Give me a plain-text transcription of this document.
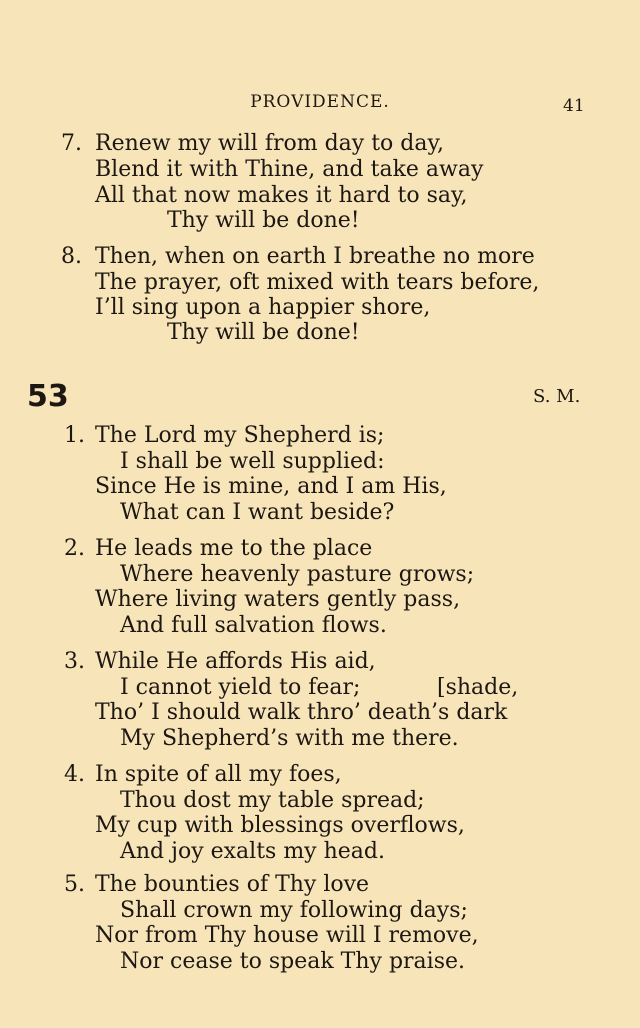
PROVIDENCE.	41
7. Renew my will from day to day,
Blend it with Thine, and take away
All that now makes it hard to say,
Thy will be done!
8. Then, when on earth I breathe no more
The prayer, oft mixed with tears before,
I’ll sing upon a happier shore,
Thy will be done!
53	S. M.
1. The Lord my Shepherd is;
I shall be well supplied:
Since He is mine, and I am His,
What can I want beside?
2. He leads me to the place
Where heavenly pasture grows;
Where living waters gently pass,
And full salvation flows.
3. While He affords His aid,
I cannot yield to fear;	[shade,
Tho’ I should walk thro’ death’s dark
My Shepherd’s with me there.
4. In spite of all my foes,
Thou dost my table spread;
My cup with blessings overflows,
And joy exalts my head.
5. The bounties of Thy love
Shall crown my following days;
Nor from Thy house will I remove,
Nor cease to speak Thy praise.
